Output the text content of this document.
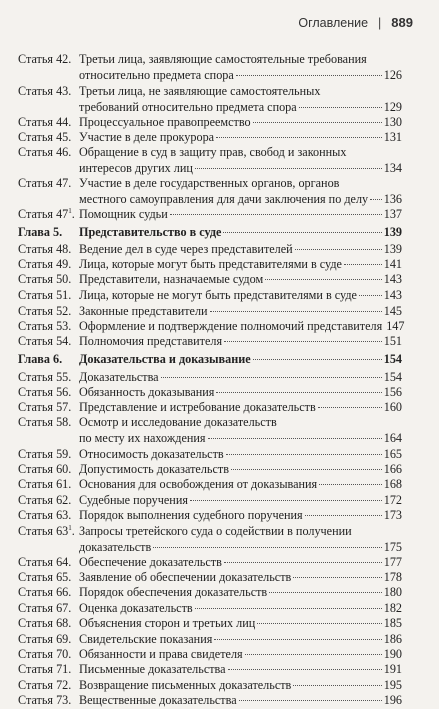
Оглавление | 889
Статья 42. Третьи лица, заявляющие самостоятельные требования
относительно предмета спора	126
Статья 43. Третьи лица, не заявляющие самостоятельных
требований относительно предмета спора	129
Статья 44. Процессуальное правопреемство	130
Статья 45. Участие в деле прокурора	131
Статья 46. Обращение в суд в защиту прав, свобод и законных
интересов других лиц	134
Статья 47. Участие в деле государственных органов, органов
местного самоуправления для дачи заключения по делу 136
Статья $47^1$. Помощник судьи	137
Глава 5.	Представительство в суде	139
Статья 48. Ведение дел в суде через представителей	139
Статья 49. Лица, которые могут быть представителями в суде	141
Статья 50. Представители, назначаемые судом	143
Статья 51. Лица, которые не могут быть представителями в суде 143
Статья 52. Законные представители	145
Статья 53. Оформление и подтверждение полномочий представителя 147
Статья 54. Полномочия представителя	151
Глава 6.	Доказательства и доказывание	154
Статья 55. Доказательства	154
Статья 56. Обязанность доказывания	156
Статья 57. Представление и истребование доказательств	160
Статья 58. Осмотр и исследование доказательств
по месту их нахождения	164
Статья 59. Относимость доказательств	165
Статья 60. Допустимость доказательств	166
Статья 61. Основания для освобождения от доказывания	168
Статья 62. Судебные поручения	172
Статья 63. Порядок выполнения судебного поручения	173
Статья $63^1$. Запросы третейского суда о содействии в получении
доказательств	175
Статья 64. Обеспечение доказательств	177
Статья 65. Заявление об обеспечении доказательств	178
Статья 66. Порядок обеспечения доказательств	180
Статья 67. Оценка доказательств	182
Статья 68. Объяснения сторон и третьих лиц	185
Статья 69. Свидетельские показания	186
Статья 70. Обязанности и права свидетеля	190
Статья 71. Письменные доказательства	191
Статья 72. Возвращение письменных доказательств	195
Статья 73. Вещественные доказательства	196
